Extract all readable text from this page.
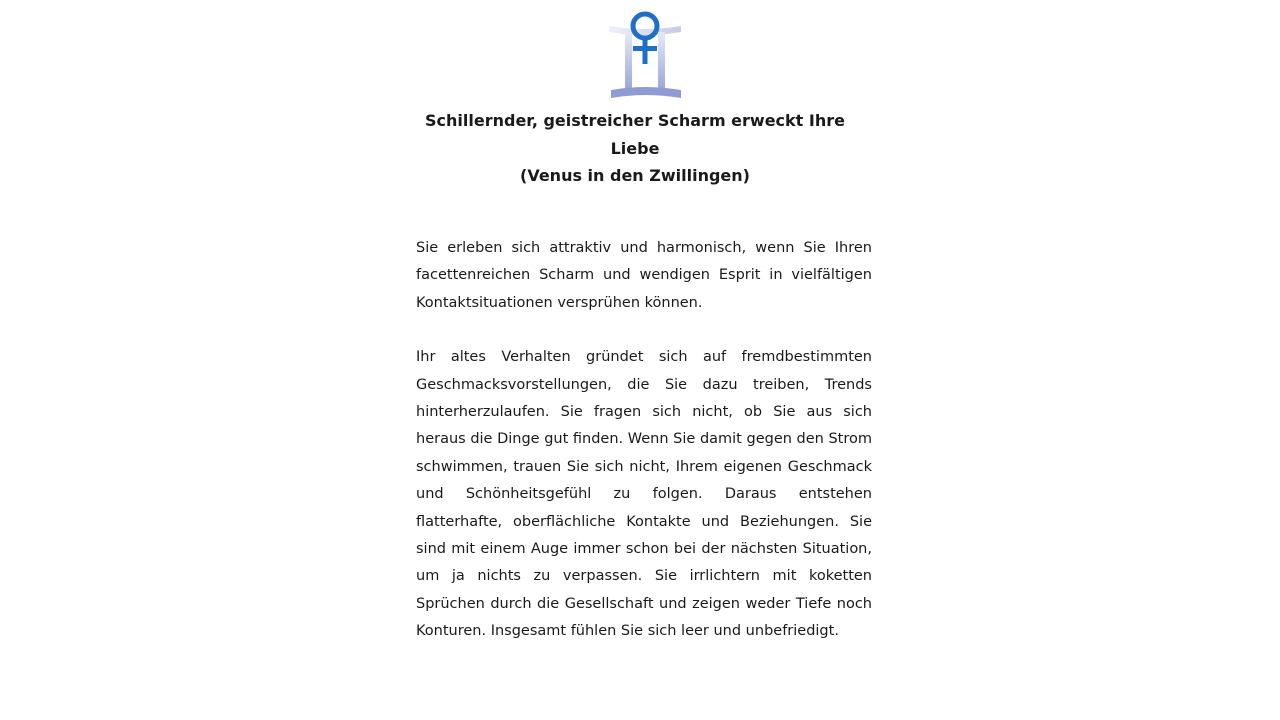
Schillernder, geistreicher Scharm erweckt Ihre
Liebe
(Venus in den Zwillingen)

Sie erleben sich attraktiv und harmonisch, wenn Sie Ihren facettenreichen Scharm und wendigen Esprit in vielfältigen Kontaktsituationen versprühen können.

Ihr altes Verhalten gründet sich auf fremdbestimmten Geschmacksvorstellungen, die Sie dazu treiben, Trends hinterherzulaufen. Sie fragen sich nicht, ob Sie aus sich heraus die Dinge gut finden. Wenn Sie damit gegen den Strom schwimmen, trauen Sie sich nicht, Ihrem eigenen Geschmack und Schönheitsgefühl zu folgen. Daraus entstehen flatterhafte, oberflächliche Kontakte und Beziehungen. Sie sind mit einem Auge immer schon bei der nächsten Situation, um ja nichts zu verpassen. Sie irrlichtern mit koketten Sprüchen durch die Gesellschaft und zeigen weder Tiefe noch Konturen. Insgesamt fühlen Sie sich leer und unbefriedigt.
